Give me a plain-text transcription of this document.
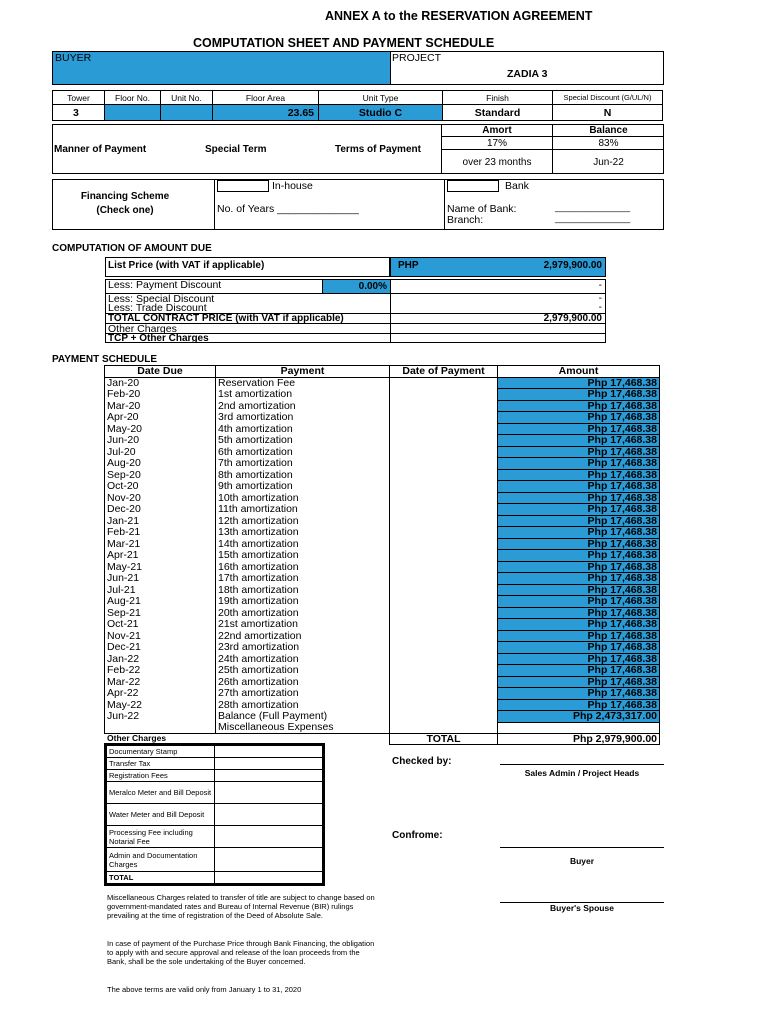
ANNEX A to the RESERVATION AGREEMENT
COMPUTATION SHEET AND PAYMENT SCHEDULE
BUYER	PROJECT
ZADIA 3
Tower	Floor No.	Unit No.	Floor Area	Unit Type	Finish	Special Discount (G/UL/N)
3			23.65	Studio C	Standard	N
Manner of Payment	Special Term	Terms of Payment
Amort	Balance
17%	83%
over 23 months	Jun-22
Financing Scheme
(Check one)
In-house
No. of Years ______________
Bank
Name of Bank:
Branch:
_______________
_______________
COMPUTATION OF AMOUNT DUE
List Price (with VAT if applicable)	PHP	2,979,900.00
Less: Payment Discount	0.00%	-
Less: Special Discount	-
Less: Trade Discount	-
TOTAL CONTRACT PRICE (with VAT if applicable)	2,979,900.00
Other Charges
TCP + Other Charges
PAYMENT SCHEDULE
Date Due	Payment	Date of Payment	Amount
Jan-20	Reservation Fee		Php 17,468.38
Feb-20	1st amortization		Php 17,468.38
Mar-20	2nd amortization		Php 17,468.38
Apr-20	3rd amortization		Php 17,468.38
May-20	4th amortization		Php 17,468.38
Jun-20	5th amortization		Php 17,468.38
Jul-20	6th amortization		Php 17,468.38
Aug-20	7th amortization		Php 17,468.38
Sep-20	8th amortization		Php 17,468.38
Oct-20	9th amortization		Php 17,468.38
Nov-20	10th amortization		Php 17,468.38
Dec-20	11th amortization		Php 17,468.38
Jan-21	12th amortization		Php 17,468.38
Feb-21	13th amortization		Php 17,468.38
Mar-21	14th amortization		Php 17,468.38
Apr-21	15th amortization		Php 17,468.38
May-21	16th amortization		Php 17,468.38
Jun-21	17th amortization		Php 17,468.38
Jul-21	18th amortization		Php 17,468.38
Aug-21	19th amortization		Php 17,468.38
Sep-21	20th amortization		Php 17,468.38
Oct-21	21st amortization		Php 17,468.38
Nov-21	22nd amortization		Php 17,468.38
Dec-21	23rd amortization		Php 17,468.38
Jan-22	24th amortization		Php 17,468.38
Feb-22	25th amortization		Php 17,468.38
Mar-22	26th amortization		Php 17,468.38
Apr-22	27th amortization		Php 17,468.38
May-22	28th amortization		Php 17,468.38
Jun-22	Balance (Full Payment)		Php 2,473,317.00
	Miscellaneous Expenses		
		TOTAL	Php 2,979,900.00
Other Charges
Documentary Stamp	
Transfer Tax	
Registration Fees	
Meralco Meter and Bill Deposit	
Water Meter and Bill Deposit	
Processing Fee including Notarial Fee	
Admin and Documentation Charges	
TOTAL	
Checked by:
Sales Admin / Project Heads
Confrome:
Buyer
Buyer's Spouse
Miscellaneous Charges related to transfer of title are subject to change based on government-mandated rates and Bureau of Internal Revenue (BIR) rulings prevailing at the time of registration of the Deed of Absolute Sale.
In case of payment of the Purchase Price through Bank Financing, the obligation to apply with and secure approval and release of the loan proceeds from the Bank, shall be the sole undertaking of the Buyer concerned.
The above terms are valid only from January 1 to 31, 2020
